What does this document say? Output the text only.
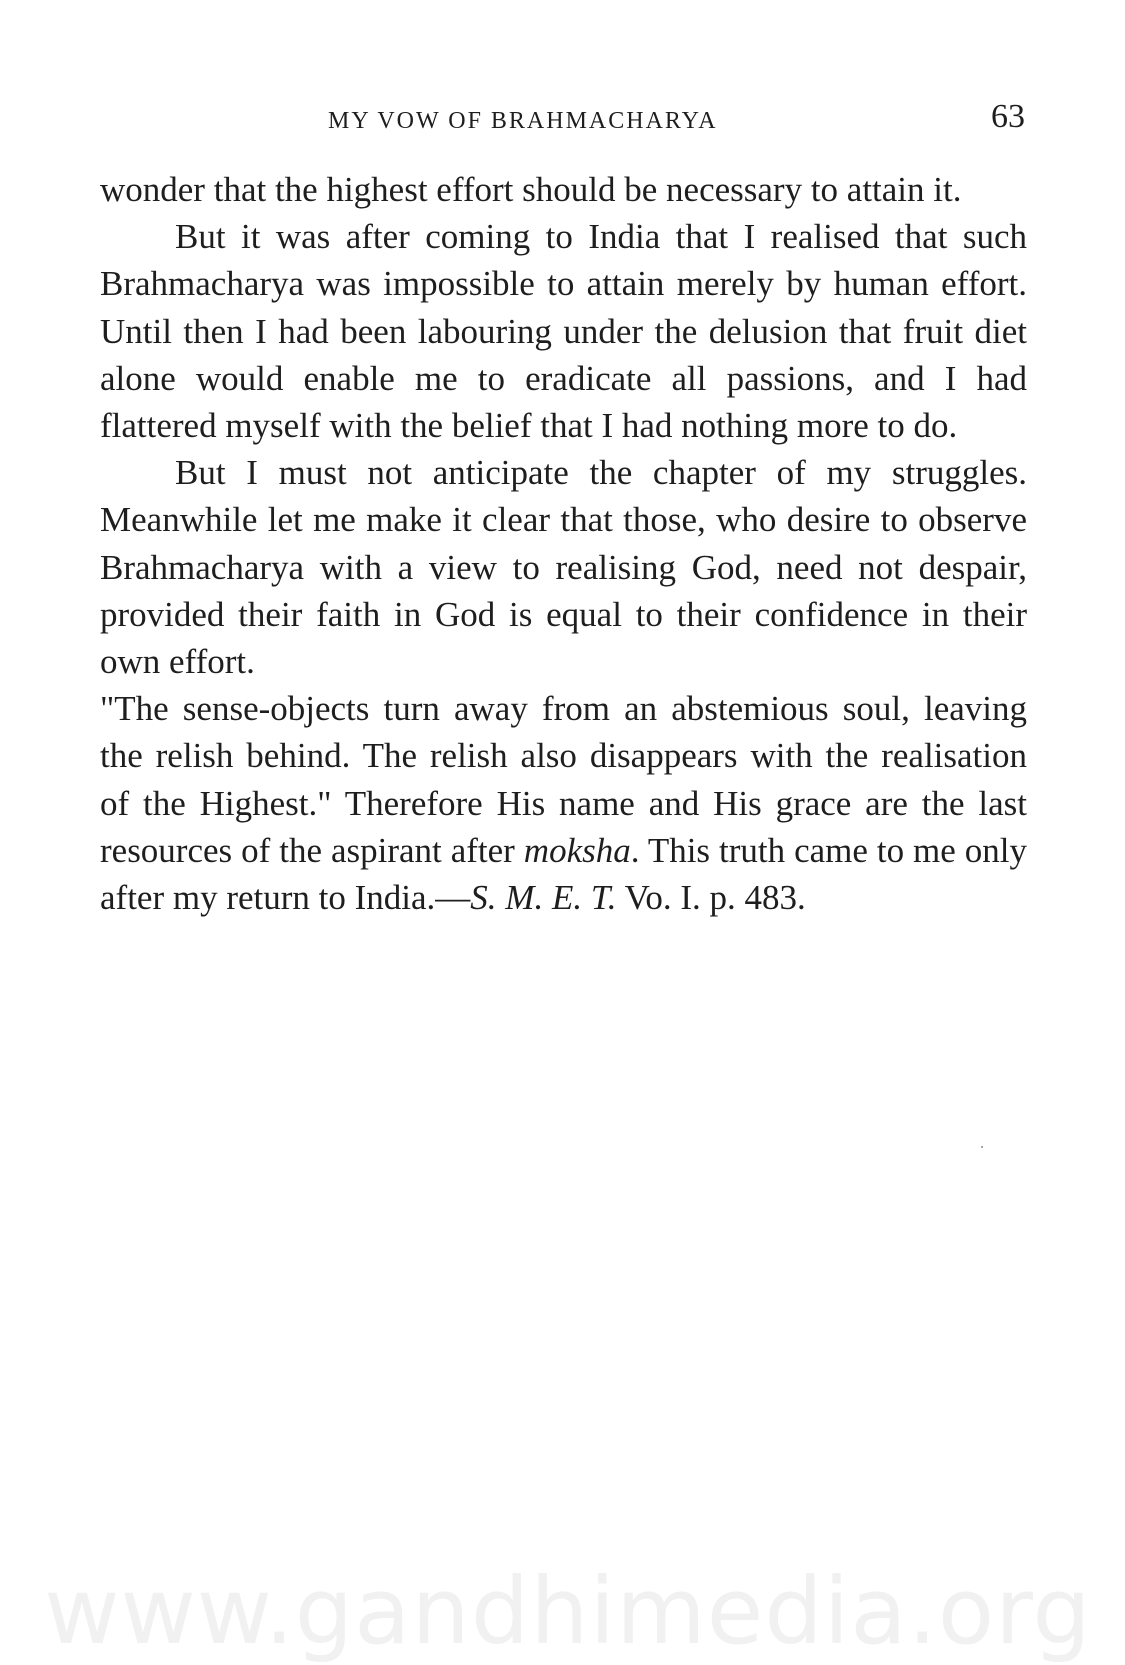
MY VOW OF BRAHMACHARYA	63

wonder that the highest effort should be necessary to attain it.

But it was after coming to India that I realised that such Brahmacharya was impossible to attain merely by human effort. Until then I had been labouring under the delusion that fruit diet alone would enable me to eradicate all passions, and I had flattered myself with the belief that I had nothing more to do.

But I must not anticipate the chapter of my struggles. Meanwhile let me make it clear that those, who desire to observe Brahmacharya with a view to realising God, need not despair, provided their faith in God is equal to their confidence in their own effort.

"The sense-objects turn away from an abstemious soul, leaving the relish behind. The relish also disappears with the realisation of the Highest." Therefore His name and His grace are the last resources of the aspirant after moksha. This truth came to me only after my return to India.—S. M. E. T. Vo. I. p. 483.

www.gandhimedia.org
